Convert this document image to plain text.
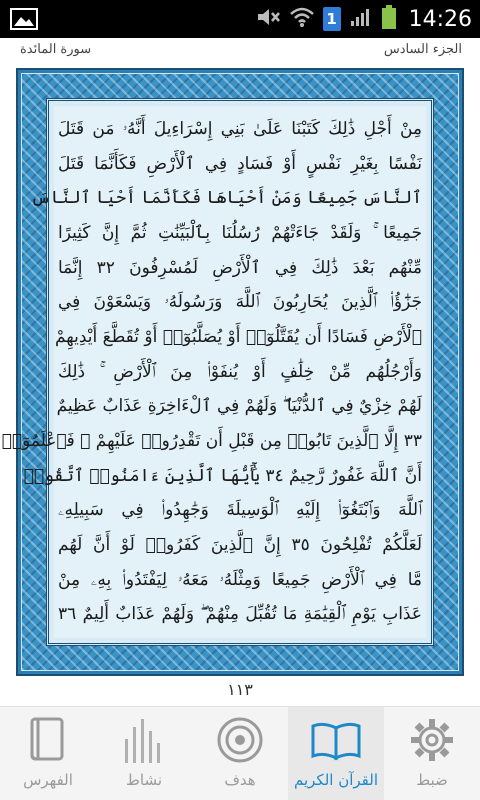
1	14:26
سورة المائدة	الجزء السادس
مِنْ أَجْلِ ذَٰلِكَ كَتَبْنَا عَلَىٰ بَنِي إِسْرَاءِيلَ أَنَّهُۥ مَن قَتَلَ
نَفْسًا بِغَيْرِ نَفْسٍ أَوْ فَسَادٍ فِي ٱلْأَرْضِ فَكَأَنَّمَا قَتَلَ
ٱلنَّاسَ جَمِيعًا وَمَنْ أَحْيَاهَا فَكَأَنَّمَا أَحْيَا ٱلنَّاسَ
جَمِيعًا ۚ وَلَقَدْ جَاءَتْهُمْ رُسُلُنَا بِٱلْبَيِّنَٰتِ ثُمَّ إِنَّ كَثِيرًا
مِّنْهُم بَعْدَ ذَٰلِكَ فِي ٱلْأَرْضِ لَمُسْرِفُونَ ٣٢ إِنَّمَا
جَزَٰٓؤُا۟ ٱلَّذِينَ يُحَارِبُونَ ٱللَّهَ وَرَسُولَهُۥ وَيَسْعَوْنَ فِي
ٱلْأَرْضِ فَسَادًا أَن يُقَتَّلُوٓا۟ أَوْ يُصَلَّبُوٓا۟ أَوْ تُقَطَّعَ أَيْدِيهِمْ
وَأَرْجُلُهُم مِّنْ خِلَٰفٍ أَوْ يُنفَوْا۟ مِنَ ٱلْأَرْضِ ۚ ذَٰلِكَ
لَهُمْ خِزْيٌ فِي ٱلدُّنْيَا ۖ وَلَهُمْ فِي ٱلْءَاخِرَةِ عَذَابٌ عَظِيمٌ
٣٣ إِلَّا ٱلَّذِينَ تَابُوا۟ مِن قَبْلِ أَن تَقْدِرُوا۟ عَلَيْهِمْ ۖ فَٱعْلَمُوٓا۟
أَنَّ ٱللَّهَ غَفُورٌ رَّحِيمٌ ٣٤ يَٰٓأَيُّهَا ٱلَّذِينَ ءَامَنُوا۟ ٱتَّقُوا۟
ٱللَّهَ وَٱبْتَغُوٓا۟ إِلَيْهِ ٱلْوَسِيلَةَ وَجَٰهِدُوا۟ فِي سَبِيلِهِۦ
لَعَلَّكُمْ تُفْلِحُونَ ٣٥ إِنَّ ٱلَّذِينَ كَفَرُوا۟ لَوْ أَنَّ لَهُم
مَّا فِي ٱلْأَرْضِ جَمِيعًا وَمِثْلَهُۥ مَعَهُۥ لِيَفْتَدُوا۟ بِهِۦ مِنْ
عَذَابِ يَوْمِ ٱلْقِيَٰمَةِ مَا تُقُبِّلَ مِنْهُمْ ۖ وَلَهُمْ عَذَابٌ أَلِيمٌ ٣٦
١١٣
ضبط
القرآن الكريم
هدف
نشاط
الفهرس
